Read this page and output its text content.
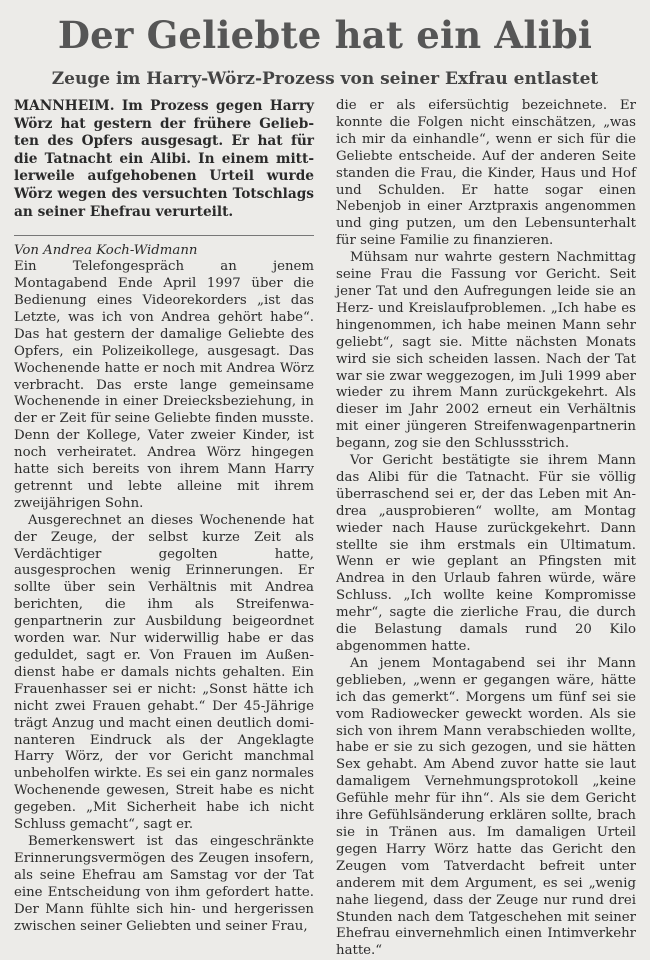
Der Geliebte hat ein Alibi
Zeuge im Harry-Wörz-Prozess von seiner Exfrau entlastet

MANNHEIM. Im Prozess gegen Harry Wörz hat gestern der frühere Geliebten des Opfers ausgesagt. Er hat für die Tatnacht ein Alibi. In einem mittlerweile aufgehobenen Urteil wurde Wörz wegen des versuchten Totschlags an seiner Ehefrau verurteilt.

Von Andrea Koch-Widmann

Ein Telefongespräch an jenem Montagabend Ende April 1997 über die Bedienung eines Videorekorders „ist das Letzte, was ich von Andrea gehört habe“. Das hat gestern der damalige Geliebte des Opfers, ein Polizeikollege, ausgesagt. Das Wochenende hatte er noch mit Andrea Wörz verbracht. Das erste lange gemeinsame Wochenende in einer Dreiecksbeziehung, in der er Zeit für seine Geliebte finden musste. Denn der Kollege, Vater zweier Kinder, ist noch verheiratet. Andrea Wörz hingegen hatte sich bereits von ihrem Mann Harry getrennt und lebte alleine mit ihrem zweijährigen Sohn.

Ausgerechnet an dieses Wochenende hat der Zeuge, der selbst kurze Zeit als Verdächtiger gegolten hatte, ausgesprochen wenig Erinnerungen. Er sollte über sein Verhältnis mit Andrea berichten, die ihm als Streifenwagenpartnerin zur Ausbildung beigeordnet worden war. Nur widerwillig habe er das geduldet, sagt er. Von Frauen im Außendienst habe er damals nichts gehalten. Ein Frauenhasser sei er nicht: „Sonst hätte ich nicht zwei Frauen gehabt.“ Der 45-Jährige trägt Anzug und macht einen deutlich dominanteren Eindruck als der Angeklagte Harry Wörz, der vor Gericht manchmal unbeholfen wirkte. Es sei ein ganz normales Wochenende gewesen, Streit habe es nicht gegeben. „Mit Sicherheit habe ich nicht Schluss gemacht“, sagt er.

Bemerkenswert ist das eingeschränkte Erinnerungsvermögen des Zeugen insofern, als seine Ehefrau am Samstag vor der Tat eine Entscheidung von ihm gefordert hatte. Der Mann fühlte sich hin- und hergerissen zwischen seiner Geliebten und seiner Frau,

die er als eifersüchtig bezeichnete. Er konnte die Folgen nicht einschätzen, „was ich mir da einhandle“, wenn er sich für die Geliebte entscheide. Auf der anderen Seite standen die Frau, die Kinder, Haus und Hof und Schulden. Er hatte sogar einen Nebenjob in einer Arztpraxis angenommen und ging putzen, um den Lebensunterhalt für seine Familie zu finanzieren.

Mühsam nur wahrte gestern Nachmittag seine Frau die Fassung vor Gericht. Seit jener Tat und den Aufregungen leide sie an Herz- und Kreislaufproblemen. „Ich habe es hingenommen, ich habe meinen Mann sehr geliebt“, sagt sie. Mitte nächsten Monats wird sie sich scheiden lassen. Nach der Tat war sie zwar weggezogen, im Juli 1999 aber wieder zu ihrem Mann zurückgekehrt. Als dieser im Jahr 2002 erneut ein Verhältnis mit einer jüngeren Streifenwagenpartnerin begann, zog sie den Schlussstrich.

Vor Gericht bestätigte sie ihrem Mann das Alibi für die Tatnacht. Für sie völlig überraschend sei er, der das Leben mit Andrea „ausprobieren“ wollte, am Montag wieder nach Hause zurückgekehrt. Dann stellte sie ihm erstmals ein Ultimatum. Wenn er wie geplant an Pfingsten mit Andrea in den Urlaub fahren würde, wäre Schluss. „Ich wollte keine Kompromisse mehr“, sagte die zierliche Frau, die durch die Belastung damals rund 20 Kilo abgenommen hatte.

An jenem Montagabend sei ihr Mann geblieben, „wenn er gegangen wäre, hätte ich das gemerkt“. Morgens um fünf sei sie vom Radiowecker geweckt worden. Als sie sich von ihrem Mann verabschieden wollte, habe er sie zu sich gezogen, und sie hätten Sex gehabt. Am Abend zuvor hatte sie laut damaligem Vernehmungsprotokoll „keine Gefühle mehr für ihn“. Als sie dem Gericht ihre Gefühlsänderung erklären sollte, brach sie in Tränen aus. Im damaligen Urteil gegen Harry Wörz hatte das Gericht den Zeugen vom Tatverdacht befreit unter anderem mit dem Argument, es sei „wenig nahe liegend, dass der Zeuge nur rund drei Stunden nach dem Tatgeschehen mit seiner Ehefrau einvernehmlich einen Intimverkehr hatte.“
